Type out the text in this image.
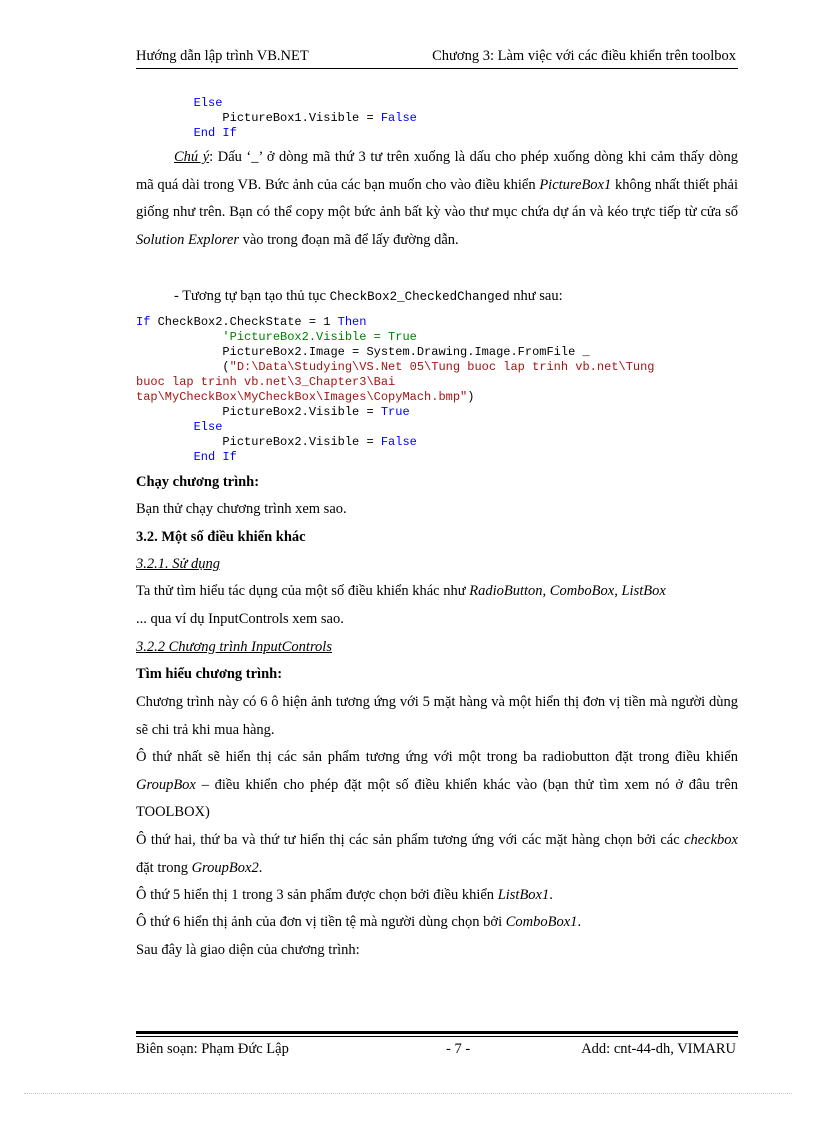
Hướng dẫn lập trình VB.NET	Chương 3: Làm việc với các điều khiển trên toolbox
Else
PictureBox1.Visible = False
End If

Chú ý: Dấu ‘_’ ở dòng mã thứ 3 tư trên xuống là dấu cho phép xuống dòng khi cảm thấy dòng mã quá dài trong VB. Bức ảnh của các bạn muốn cho vào điều khiển PictureBox1 không nhất thiết phải giống như trên. Bạn có thể copy một bức ảnh bất kỳ vào thư mục chứa dự án và kéo trực tiếp từ cửa sổ Solution Explorer vào trong đoạn mã để lấy đường dẫn.

- Tương tự bạn tạo thủ tục CheckBox2_CheckedChanged như sau:

If CheckBox2.CheckState = 1 Then
'PictureBox2.Visible = True
PictureBox2.Image = System.Drawing.Image.FromFile _
("D:\Data\Studying\VS.Net 05\Tung buoc lap trinh vb.net\Tung
buoc lap trinh vb.net\3_Chapter3\Bai
tap\MyCheckBox\MyCheckBox\Images\CopyMach.bmp")
PictureBox2.Visible = True
Else
PictureBox2.Visible = False
End If

Chạy chương trình:

Bạn thử chạy chương trình xem sao.

3.2. Một số điều khiển khác

3.2.1. Sử dụng

Ta thử tìm hiểu tác dụng của một số điều khiển khác như RadioButton, ComboBox, ListBox
... qua ví dụ InputControls xem sao.

3.2.2 Chương trình InputControls

Tìm hiểu chương trình:

Chương trình này có 6 ô hiện ảnh tương ứng với 5 mặt hàng và một hiển thị đơn vị tiền mà người dùng sẽ chi trả khi mua hàng.

Ô thứ nhất sẽ hiển thị các sản phẩm tương ứng với một trong ba radiobutton đặt trong điều khiển GroupBox – điều khiển cho phép đặt một số điều khiển khác vào (bạn thử tìm xem nó ở đâu trên TOOLBOX)

Ô thứ hai, thứ ba và thứ tư hiển thị các sản phẩm tương ứng với các mặt hàng chọn bởi các checkbox đặt trong GroupBox2.

Ô thứ 5 hiển thị 1 trong 3 sản phẩm được chọn bởi điều khiển ListBox1.

Ô thứ 6 hiển thị ảnh của đơn vị tiền tệ mà người dùng chọn bởi ComboBox1.

Sau đây là giao diện của chương trình:

Biên soạn: Phạm Đức Lập	- 7 -	Add: cnt-44-dh, VIMARU
